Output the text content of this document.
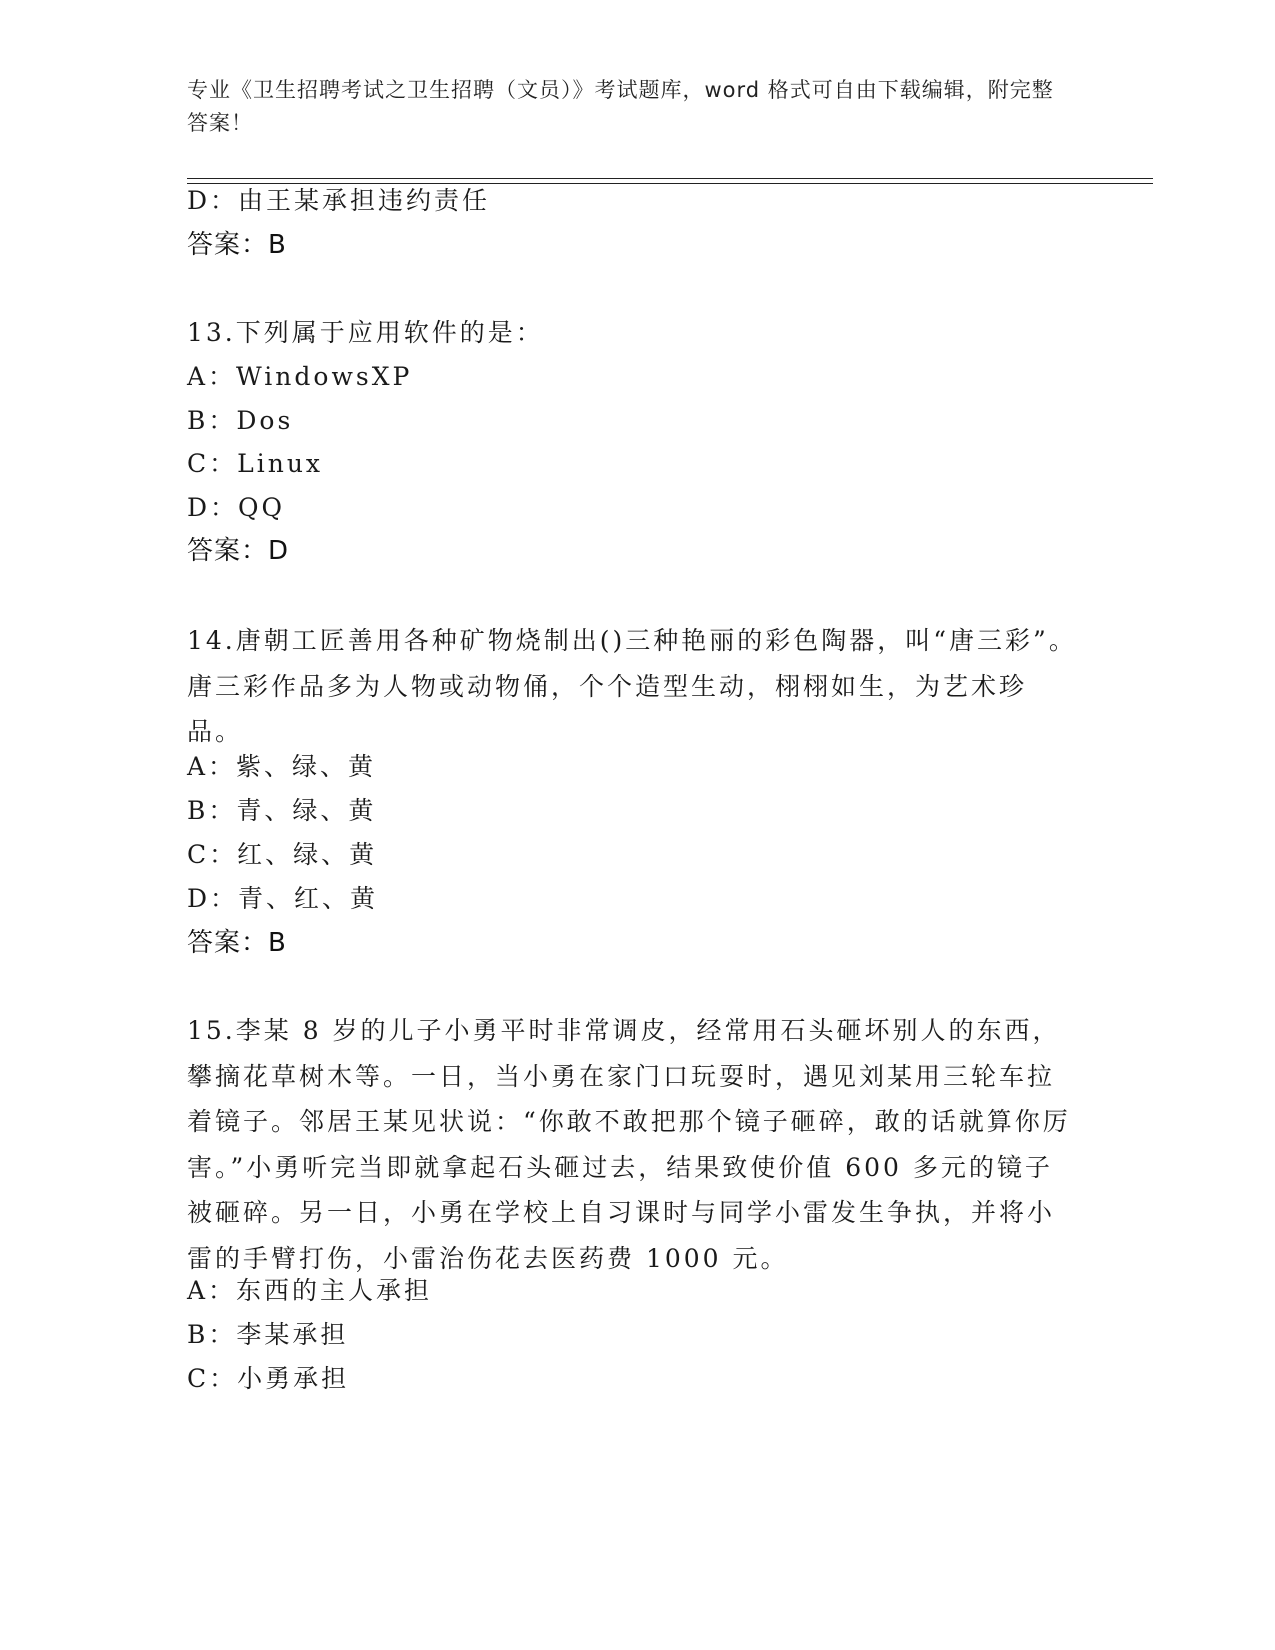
专业《卫生招聘考试之卫生招聘（文员）》考试题库，word 格式可自由下载编辑，附完整答案！
D：由王某承担违约责任
答案：B
13.下列属于应用软件的是：
A：WindowsXP
B：Dos
C：Linux
D：QQ
答案：D
14.唐朝工匠善用各种矿物烧制出()三种艳丽的彩色陶器，叫“唐三彩”。唐三彩作品多为人物或动物俑，个个造型生动，栩栩如生，为艺术珍品。
A：紫、绿、黄
B：青、绿、黄
C：红、绿、黄
D：青、红、黄
答案：B
15.李某 8 岁的儿子小勇平时非常调皮，经常用石头砸坏别人的东西，攀摘花草树木等。一日，当小勇在家门口玩耍时，遇见刘某用三轮车拉着镜子。邻居王某见状说：“你敢不敢把那个镜子砸碎，敢的话就算你厉害。”小勇听完当即就拿起石头砸过去，结果致使价值 600 多元的镜子被砸碎。另一日，小勇在学校上自习课时与同学小雷发生争执，并将小雷的手臂打伤，小雷治伤花去医药费 1000 元。
A：东西的主人承担
B：李某承担
C：小勇承担
